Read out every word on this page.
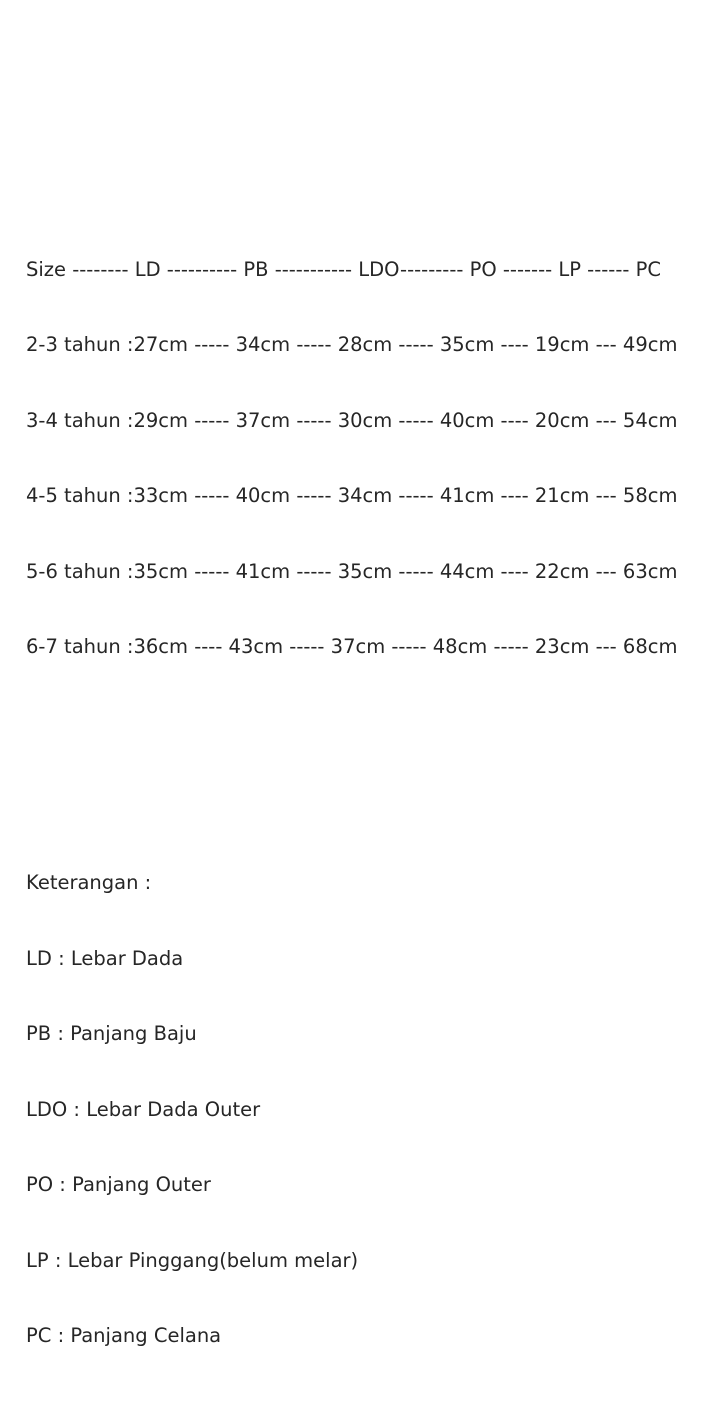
Size -------- LD ---------- PB ----------- LDO--------- PO ------- LP ------ PC

2-3 tahun :27cm ----- 34cm ----- 28cm ----- 35cm ---- 19cm --- 49cm

3-4 tahun :29cm ----- 37cm ----- 30cm ----- 40cm ---- 20cm --- 54cm

4-5 tahun :33cm ----- 40cm ----- 34cm ----- 41cm ---- 21cm --- 58cm

5-6 tahun :35cm ----- 41cm ----- 35cm ----- 44cm ---- 22cm --- 63cm

6-7 tahun :36cm ---- 43cm ----- 37cm ----- 48cm ----- 23cm --- 68cm

Keterangan :

LD : Lebar Dada

PB : Panjang Baju

LDO : Lebar Dada Outer

PO : Panjang Outer

LP : Lebar Pinggang(belum melar)

PC : Panjang Celana
